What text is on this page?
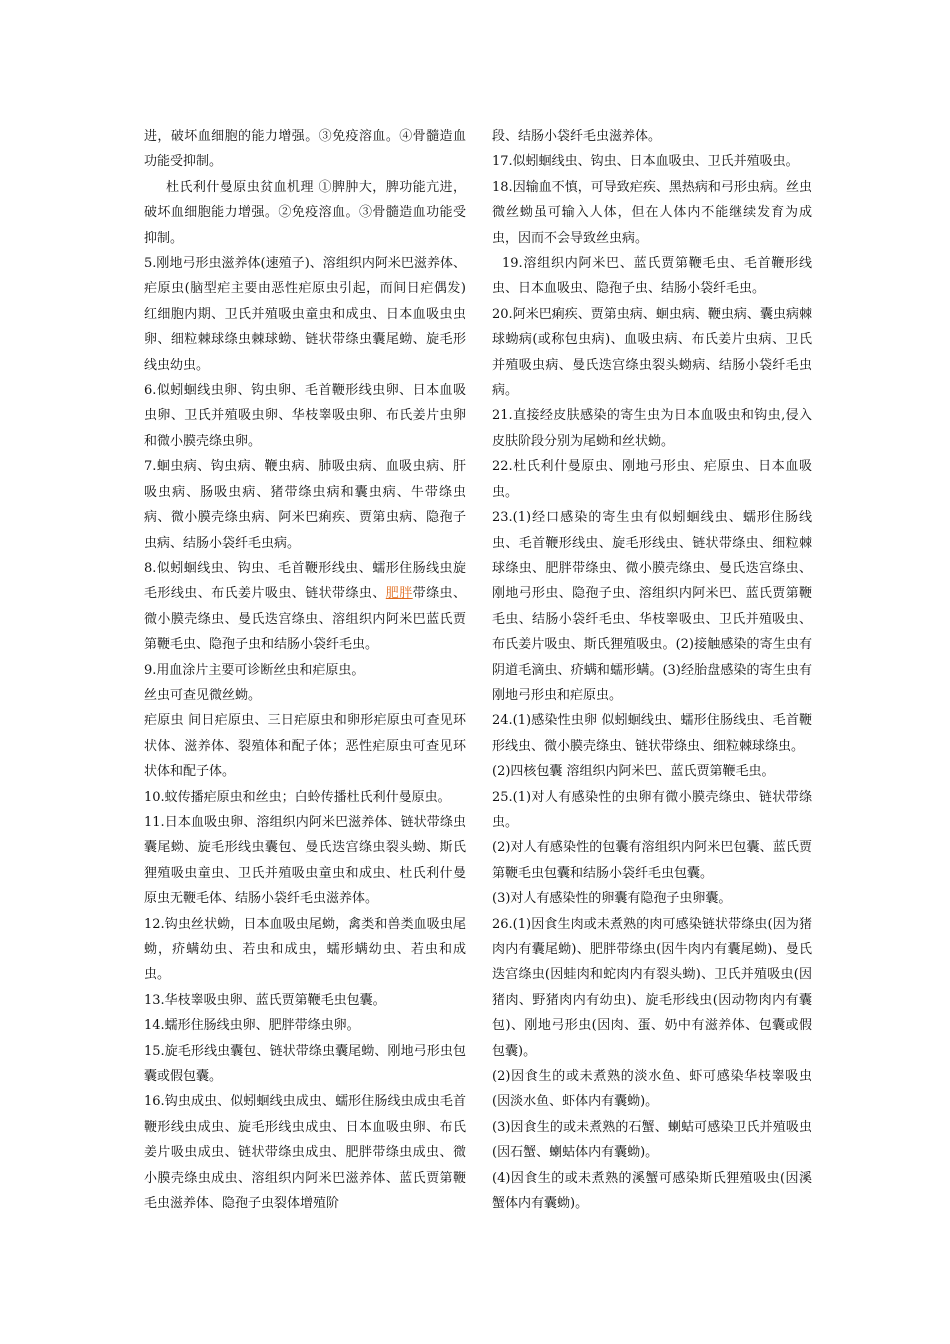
进，破坏血细胞的能力增强。③免疫溶血。④骨髓造血功能受抑制。

杜氏利什曼原虫贫血机理 ①脾肿大，脾功能亢进，破坏血细胞能力增强。②免疫溶血。③骨髓造血功能受抑制。

5.刚地弓形虫滋养体(速殖子)、溶组织内阿米巴滋养体、疟原虫(脑型疟主要由恶性疟原虫引起，而间日疟偶发)红细胞内期、卫氏并殖吸虫童虫和成虫、日本血吸虫虫卵、细粒棘球绦虫棘球蚴、链状带绦虫囊尾蚴、旋毛形线虫幼虫。

6.似蚓蛔线虫卵、钩虫卵、毛首鞭形线虫卵、日本血吸虫卵、卫氏并殖吸虫卵、华枝睾吸虫卵、布氏姜片虫卵和微小膜壳绦虫卵。

7.蛔虫病、钩虫病、鞭虫病、肺吸虫病、血吸虫病、肝吸虫病、肠吸虫病、猪带绦虫病和囊虫病、牛带绦虫病、微小膜壳绦虫病、阿米巴痢疾、贾第虫病、隐孢子虫病、结肠小袋纤毛虫病。

8.似蚓蛔线虫、钩虫、毛首鞭形线虫、蠕形住肠线虫旋毛形线虫、布氏姜片吸虫、链状带绦虫、肥胖带绦虫、微小膜壳绦虫、曼氏迭宫绦虫、溶组织内阿米巴蓝氏贾第鞭毛虫、隐孢子虫和结肠小袋纤毛虫。

9.用血涂片主要可诊断丝虫和疟原虫。

丝虫可查见微丝蚴。

疟原虫 间日疟原虫、三日疟原虫和卵形疟原虫可查见环状体、滋养体、裂殖体和配子体；恶性疟原虫可查见环状体和配子体。

10.蚊传播疟原虫和丝虫；白蛉传播杜氏利什曼原虫。

11.日本血吸虫卵、溶组织内阿米巴滋养体、链状带绦虫囊尾蚴、旋毛形线虫囊包、曼氏迭宫绦虫裂头蚴、斯氏狸殖吸虫童虫、卫氏并殖吸虫童虫和成虫、杜氏利什曼原虫无鞭毛体、结肠小袋纤毛虫滋养体。

12.钩虫丝状蚴，日本血吸虫尾蚴，禽类和兽类血吸虫尾蚴，疥螨幼虫、若虫和成虫，蠕形螨幼虫、若虫和成虫。

13.华枝睾吸虫卵、蓝氏贾第鞭毛虫包囊。

14.蠕形住肠线虫卵、肥胖带绦虫卵。

15.旋毛形线虫囊包、链状带绦虫囊尾蚴、刚地弓形虫包囊或假包囊。

16.钩虫成虫、似蚓蛔线虫成虫、蠕形住肠线虫成虫毛首鞭形线虫成虫、旋毛形线虫成虫、日本血吸虫卵、布氏姜片吸虫成虫、链状带绦虫成虫、肥胖带绦虫成虫、微小膜壳绦虫成虫、溶组织内阿米巴滋养体、蓝氏贾第鞭毛虫滋养体、隐孢子虫裂体增殖阶

段、结肠小袋纤毛虫滋养体。

17.似蚓蛔线虫、钩虫、日本血吸虫、卫氏并殖吸虫。

18.因输血不慎，可导致疟疾、黑热病和弓形虫病。丝虫微丝蚴虽可输入人体，但在人体内不能继续发育为成虫，因而不会导致丝虫病。

19.溶组织内阿米巴、蓝氏贾第鞭毛虫、毛首鞭形线虫、日本血吸虫、隐孢子虫、结肠小袋纤毛虫。

20.阿米巴痢疾、贾第虫病、蛔虫病、鞭虫病、囊虫病棘球蚴病(或称包虫病)、血吸虫病、布氏姜片虫病、卫氏并殖吸虫病、曼氏迭宫绦虫裂头蚴病、结肠小袋纤毛虫病。

21.直接经皮肤感染的寄生虫为日本血吸虫和钩虫,侵入皮肤阶段分别为尾蚴和丝状蚴。

22.杜氏利什曼原虫、刚地弓形虫、疟原虫、日本血吸虫。

23.(1)经口感染的寄生虫有似蚓蛔线虫、蠕形住肠线虫、毛首鞭形线虫、旋毛形线虫、链状带绦虫、细粒棘球绦虫、肥胖带绦虫、微小膜壳绦虫、曼氏迭宫绦虫、刚地弓形虫、隐孢子虫、溶组织内阿米巴、蓝氏贾第鞭毛虫、结肠小袋纤毛虫、华枝睾吸虫、卫氏并殖吸虫、布氏姜片吸虫、斯氏狸殖吸虫。(2)接触感染的寄生虫有阴道毛滴虫、疥螨和蠕形螨。(3)经胎盘感染的寄生虫有刚地弓形虫和疟原虫。

24.(1)感染性虫卵 似蚓蛔线虫、蠕形住肠线虫、毛首鞭形线虫、微小膜壳绦虫、链状带绦虫、细粒棘球绦虫。

(2)四核包囊 溶组织内阿米巴、蓝氏贾第鞭毛虫。

25.(1)对人有感染性的虫卵有微小膜壳绦虫、链状带绦虫。

(2)对人有感染性的包囊有溶组织内阿米巴包囊、蓝氏贾第鞭毛虫包囊和结肠小袋纤毛虫包囊。

(3)对人有感染性的卵囊有隐孢子虫卵囊。

26.(1)因食生肉或未煮熟的肉可感染链状带绦虫(因为猪肉内有囊尾蚴)、肥胖带绦虫(因牛肉内有囊尾蚴)、曼氏迭宫绦虫(因蛙肉和蛇肉内有裂头蚴)、卫氏并殖吸虫(因猪肉、野猪肉内有幼虫)、旋毛形线虫(因动物肉内有囊包)、刚地弓形虫(因肉、蛋、奶中有滋养体、包囊或假包囊)。

(2)因食生的或未煮熟的淡水鱼、虾可感染华枝睾吸虫(因淡水鱼、虾体内有囊蚴)。

(3)因食生的或未煮熟的石蟹、蝲蛄可感染卫氏并殖吸虫(因石蟹、蝲蛄体内有囊蚴)。

(4)因食生的或未煮熟的溪蟹可感染斯氏狸殖吸虫(因溪蟹体内有囊蚴)。
